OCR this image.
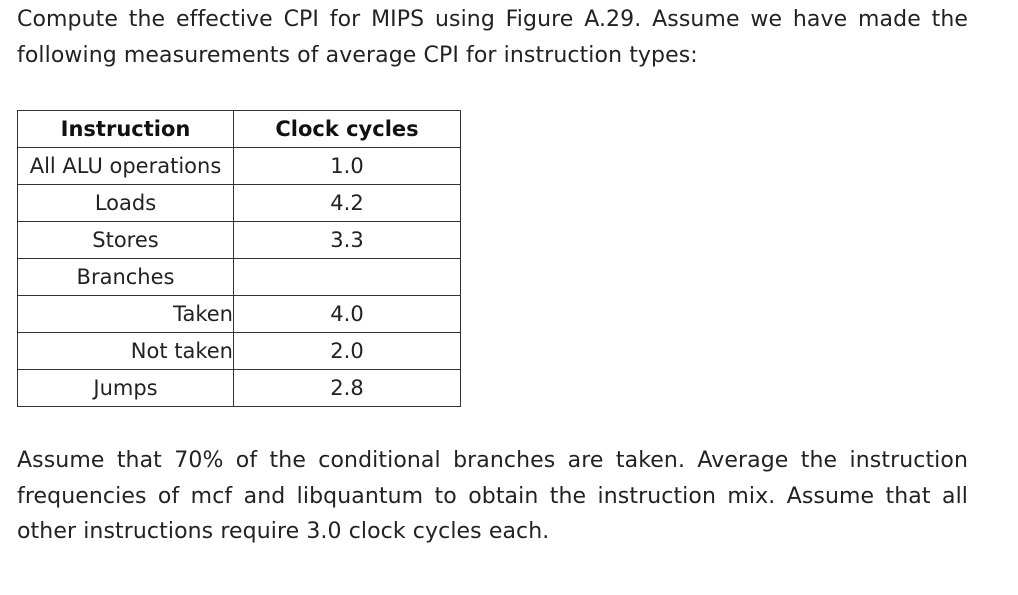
Compute the effective CPI for MIPS using Figure A.29. Assume we have made the following measurements of average CPI for instruction types:

Instruction	Clock cycles
All ALU operations	1.0
Loads	4.2
Stores	3.3
Branches	
Taken	4.0
Not taken	2.0
Jumps	2.8

Assume that 70% of the conditional branches are taken. Average the instruction frequencies of mcf and libquantum to obtain the instruction mix. Assume that all other instructions require 3.0 clock cycles each.
